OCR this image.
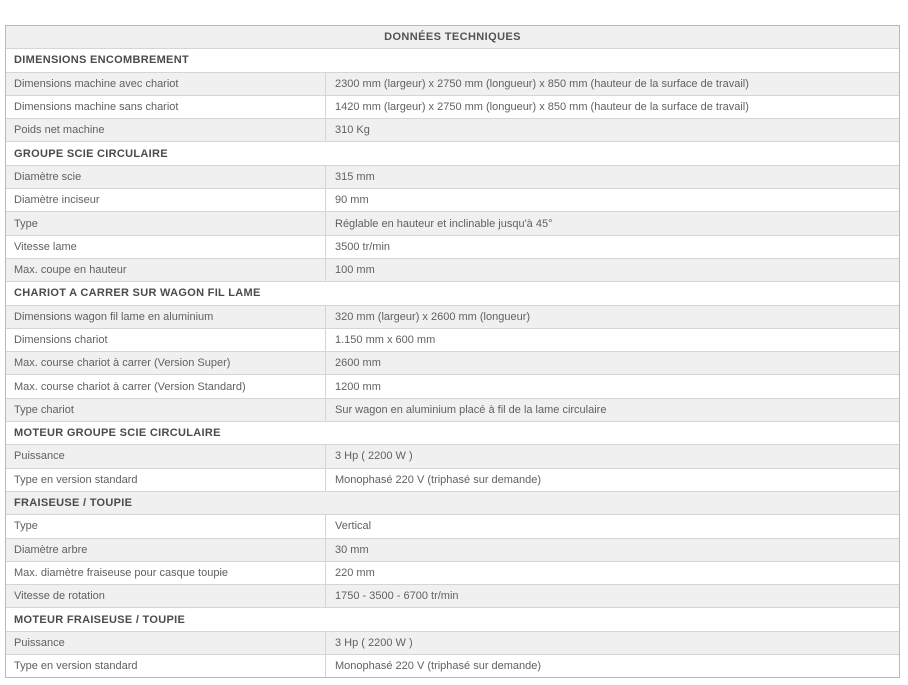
DONNÉES TECHNIQUES
DIMENSIONS ENCOMBREMENT
Dimensions machine avec chariot	2300 mm (largeur) x 2750 mm (longueur) x 850 mm (hauteur de la surface de travail)
Dimensions machine sans chariot	1420 mm (largeur) x 2750 mm (longueur) x 850 mm (hauteur de la surface de travail)
Poids net machine	310 Kg
GROUPE SCIE CIRCULAIRE
Diamètre scie	315 mm
Diamètre inciseur	90 mm
Type	Réglable en hauteur et inclinable jusqu'à 45°
Vitesse lame	3500 tr/min
Max. coupe en hauteur	100 mm
CHARIOT A CARRER SUR WAGON FIL LAME
Dimensions wagon fil lame en aluminium	320 mm (largeur) x 2600 mm (longueur)
Dimensions chariot	1.150 mm x 600 mm
Max. course chariot à carrer (Version Super)	2600 mm
Max. course chariot à carrer (Version Standard)	1200 mm
Type chariot	Sur wagon en aluminium placé à fil de la lame circulaire
MOTEUR GROUPE SCIE CIRCULAIRE
Puissance	3 Hp ( 2200 W )
Type en version standard	Monophasé 220 V (triphasé sur demande)
FRAISEUSE / TOUPIE
Type	Vertical
Diamètre arbre	30 mm
Max. diamètre fraiseuse pour casque toupie	220 mm
Vitesse de rotation	1750 - 3500 - 6700 tr/min
MOTEUR FRAISEUSE / TOUPIE
Puissance	3 Hp ( 2200 W )
Type en version standard	Monophasé 220 V (triphasé sur demande)
